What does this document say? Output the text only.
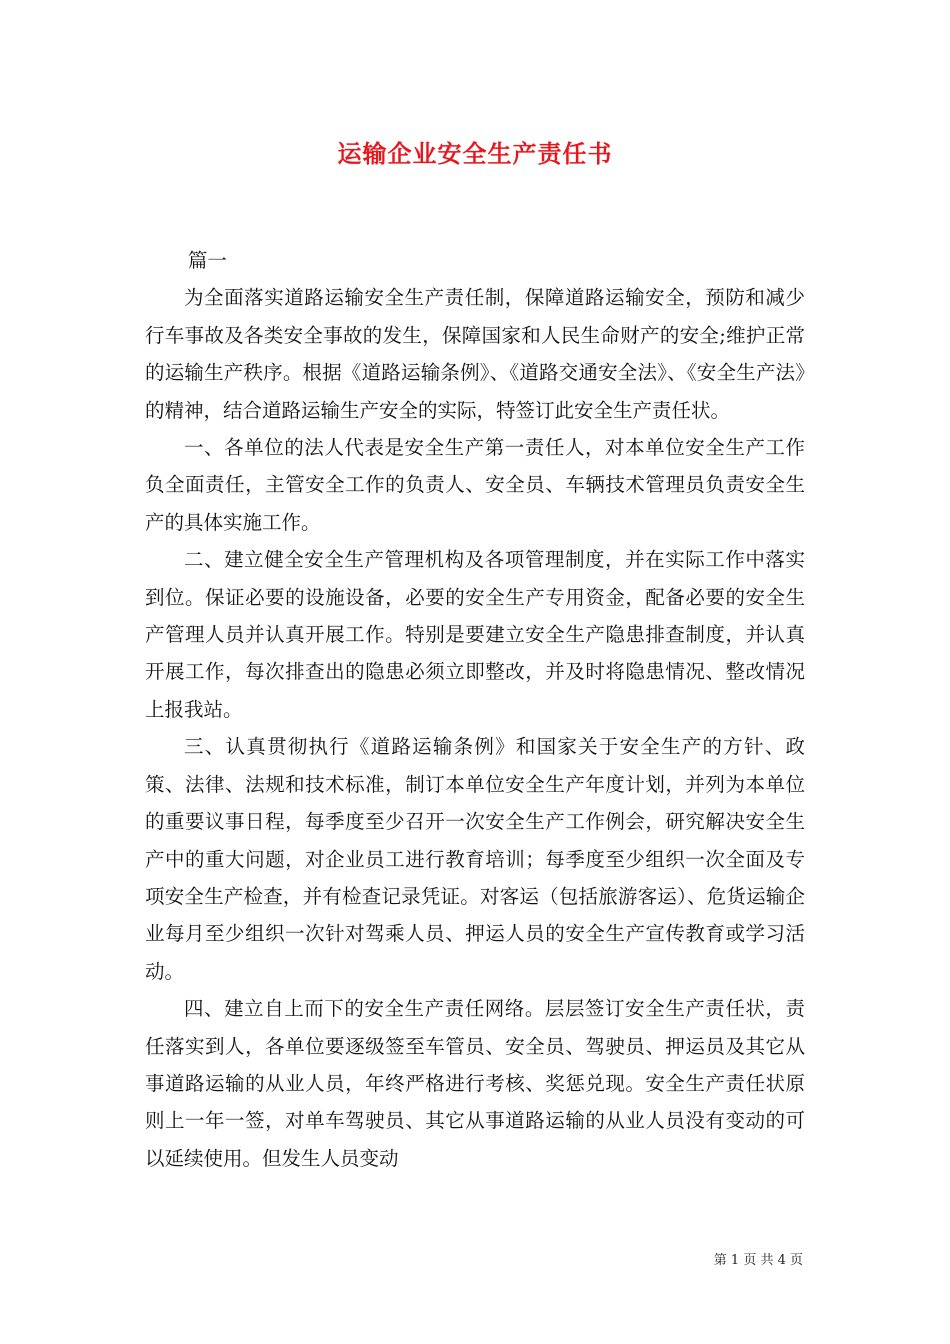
运输企业安全生产责任书

篇一

为全面落实道路运输安全生产责任制，保障道路运输安全，预防和减少行车事故及各类安全事故的发生，保障国家和人民生命财产的安全;维护正常的运输生产秩序。根据《道路运输条例》、《道路交通安全法》、《安全生产法》的精神，结合道路运输生产安全的实际，特签订此安全生产责任状。

一、各单位的法人代表是安全生产第一责任人，对本单位安全生产工作负全面责任，主管安全工作的负责人、安全员、车辆技术管理员负责安全生产的具体实施工作。

二、建立健全安全生产管理机构及各项管理制度，并在实际工作中落实到位。保证必要的设施设备，必要的安全生产专用资金，配备必要的安全生产管理人员并认真开展工作。特别是要建立安全生产隐患排查制度，并认真开展工作，每次排查出的隐患必须立即整改，并及时将隐患情况、整改情况上报我站。

三、认真贯彻执行《道路运输条例》和国家关于安全生产的方针、政策、法律、法规和技术标准，制订本单位安全生产年度计划，并列为本单位的重要议事日程，每季度至少召开一次安全生产工作例会，研究解决安全生产中的重大问题，对企业员工进行教育培训；每季度至少组织一次全面及专项安全生产检查，并有检查记录凭证。对客运（包括旅游客运）、危货运输企业每月至少组织一次针对驾乘人员、押运人员的安全生产宣传教育或学习活动。

四、建立自上而下的安全生产责任网络。层层签订安全生产责任状，责任落实到人，各单位要逐级签至车管员、安全员、驾驶员、押运员及其它从事道路运输的从业人员，年终严格进行考核、奖惩兑现。安全生产责任状原则上一年一签，对单车驾驶员、其它从事道路运输的从业人员没有变动的可以延续使用。但发生人员变动

第 1 页 共 4 页
